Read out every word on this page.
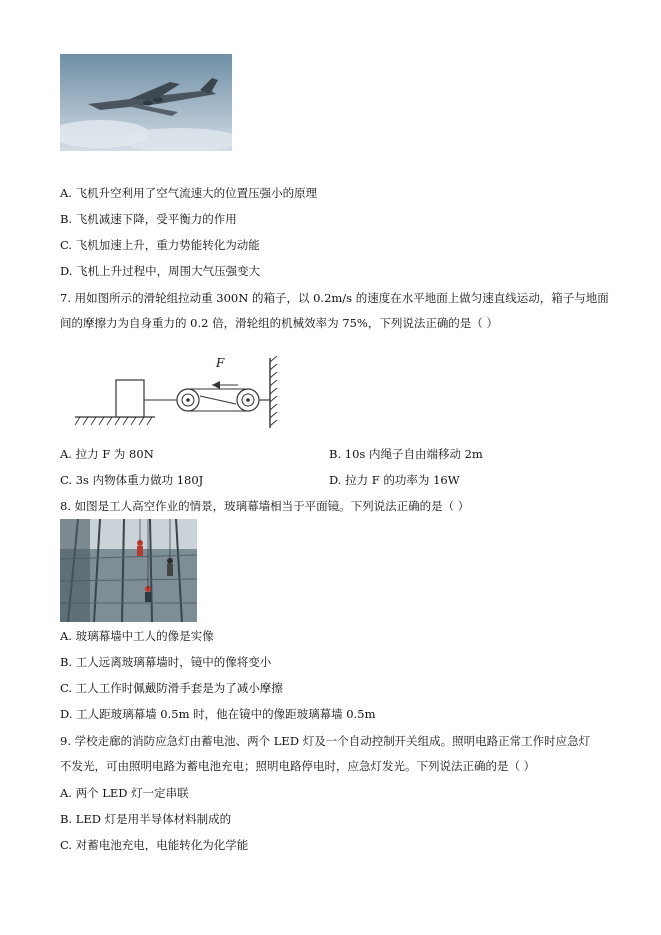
A. 飞机升空利用了空气流速大的位置压强小的原理
B. 飞机减速下降，受平衡力的作用
C. 飞机加速上升，重力势能转化为动能
D. 飞机上升过程中，周围大气压强变大
7. 用如图所示的滑轮组拉动重 300N 的箱子，以 0.2m/s 的速度在水平地面上做匀速直线运动，箱子与地面
间的摩擦力为自身重力的 0.2 倍，滑轮组的机械效率为 75%，下列说法正确的是（ ）
F
A. 拉力 F 为 80N	B. 10s 内绳子自由端移动 2m
C. 3s 内物体重力做功 180J	D. 拉力 F 的功率为 16W
8. 如图是工人高空作业的情景，玻璃幕墙相当于平面镜。下列说法正确的是（ ）
A. 玻璃幕墙中工人的像是实像
B. 工人远离玻璃幕墙时，镜中的像将变小
C. 工人工作时佩戴防滑手套是为了减小摩擦
D. 工人距玻璃幕墙 0.5m 时，他在镜中的像距玻璃幕墙 0.5m
9. 学校走廊的消防应急灯由蓄电池、两个 LED 灯及一个自动控制开关组成。照明电路正常工作时应急灯
不发光，可由照明电路为蓄电池充电；照明电路停电时，应急灯发光。下列说法正确的是（ ）
A. 两个 LED 灯一定串联
B. LED 灯是用半导体材料制成的
C. 对蓄电池充电，电能转化为化学能
